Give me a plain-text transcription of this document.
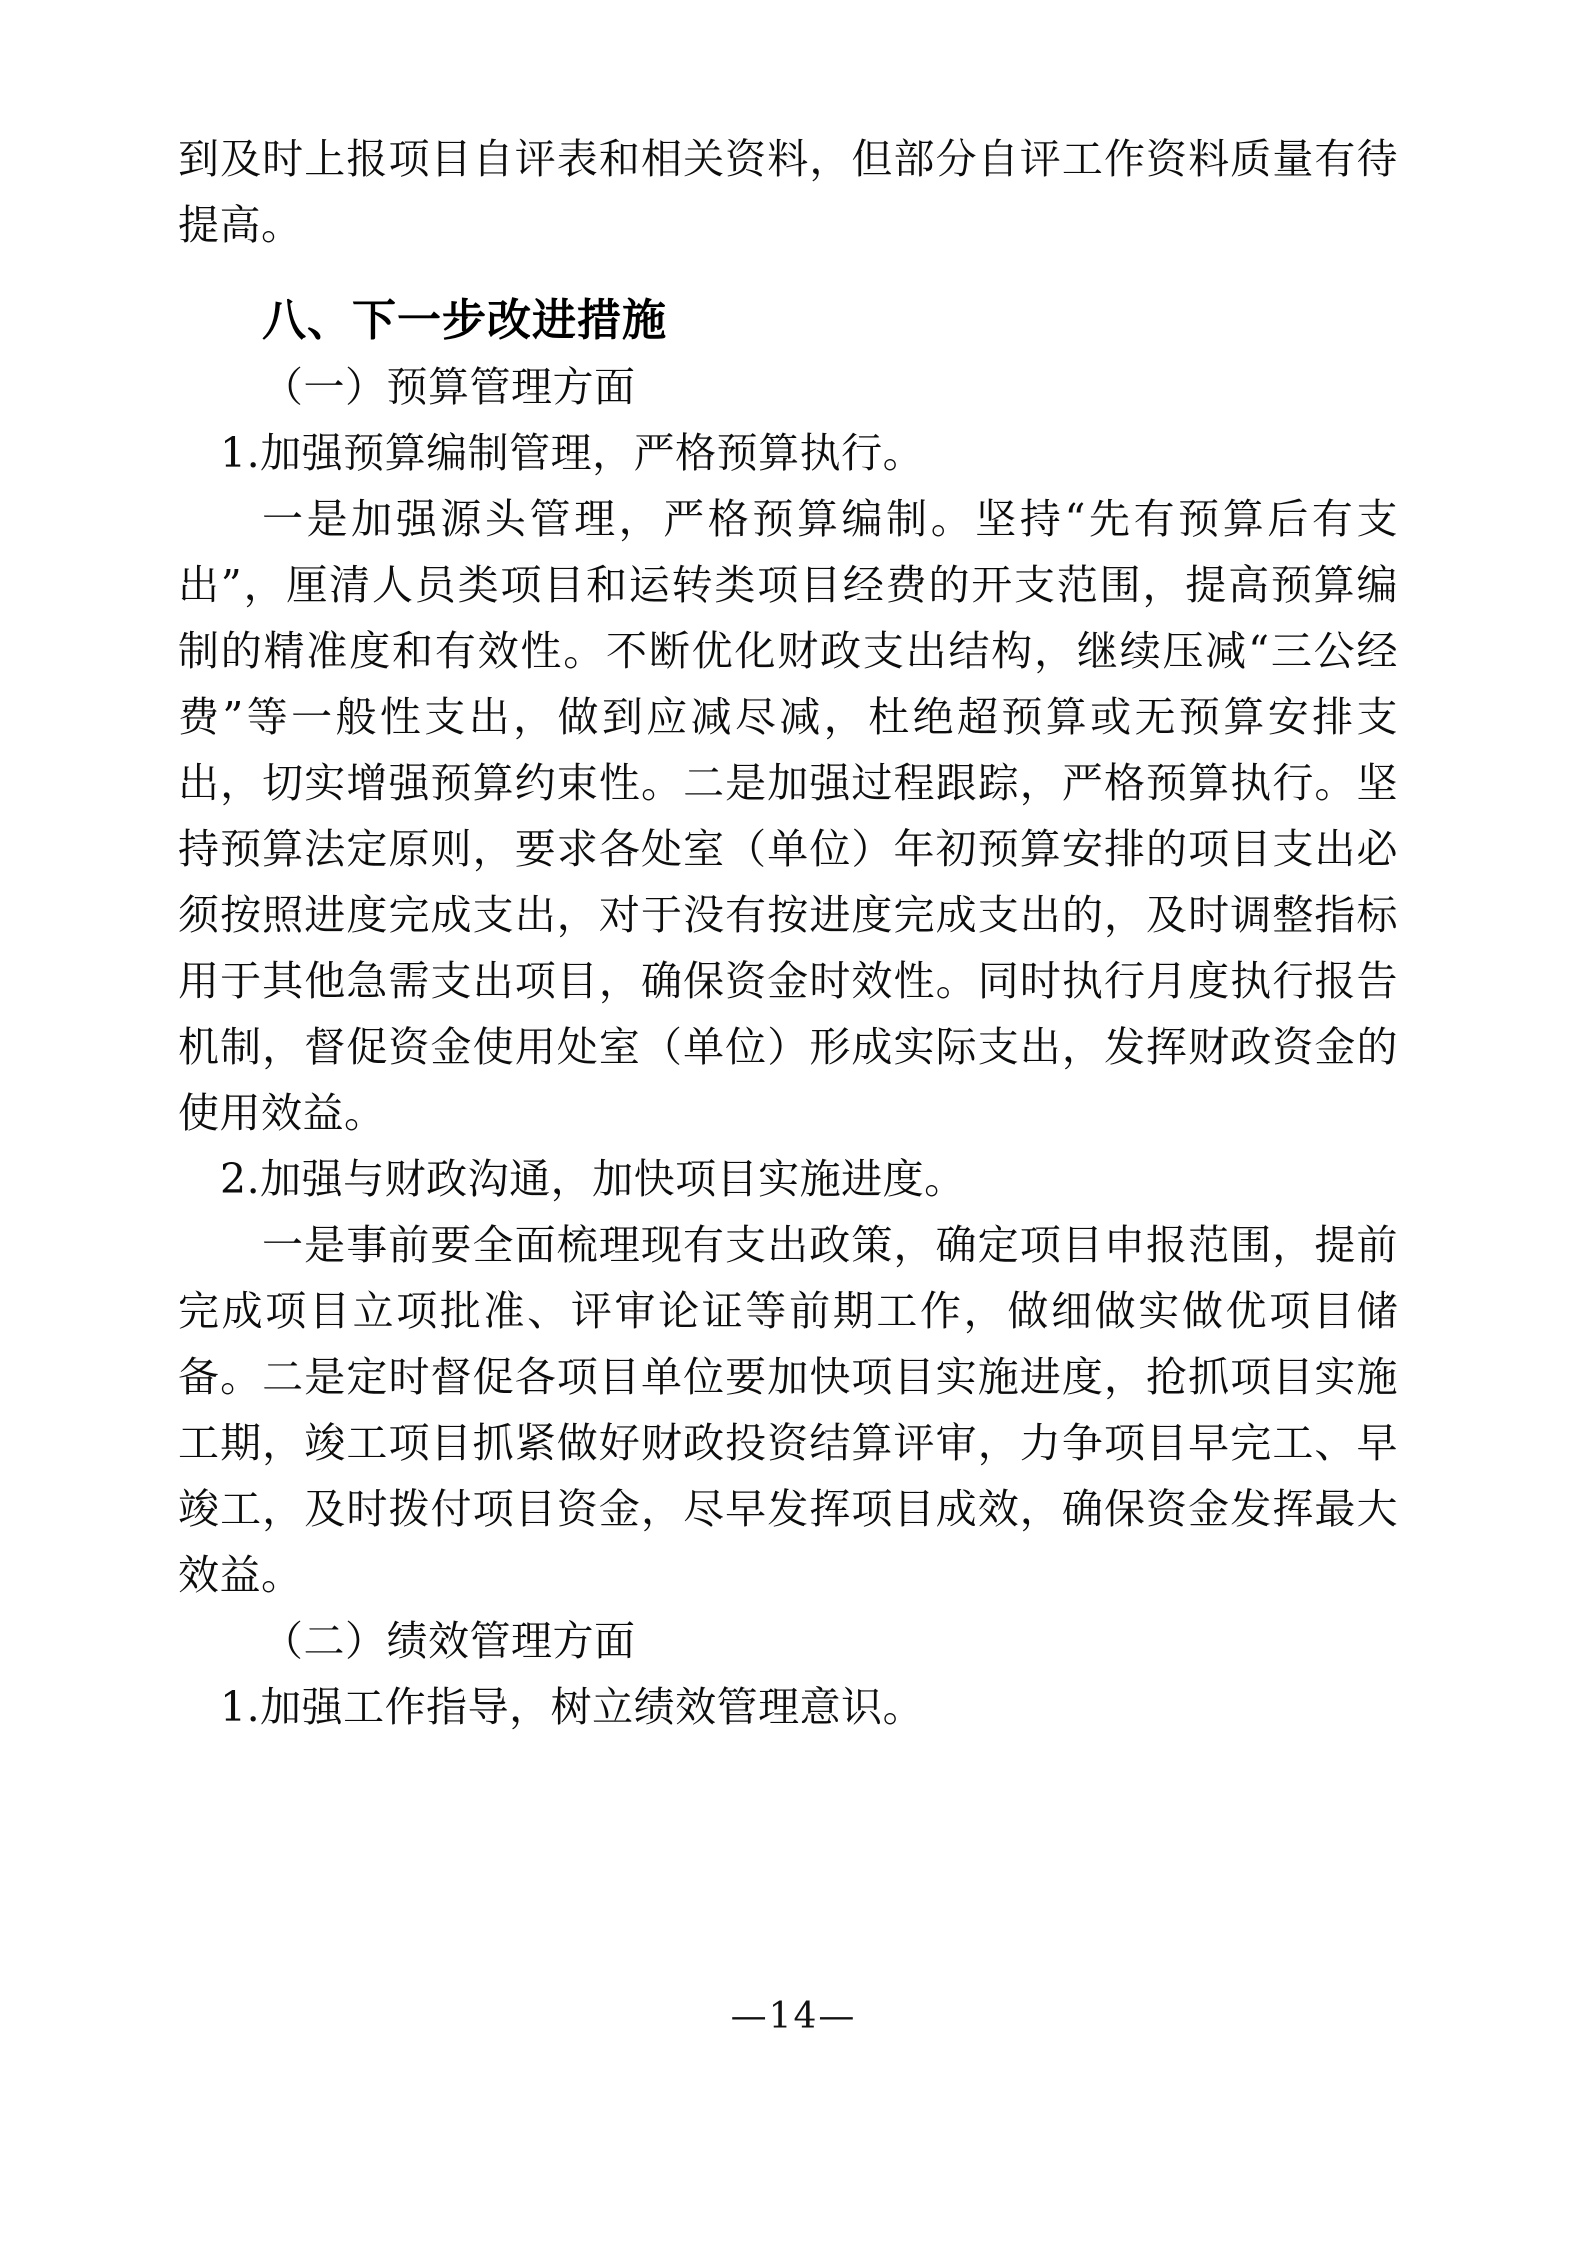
到及时上报项目自评表和相关资料，但部分自评工作资料质量有待提高。

八、下一步改进措施

（一）预算管理方面

1.加强预算编制管理，严格预算执行。

一是加强源头管理，严格预算编制。坚持“先有预算后有支出”，厘清人员类项目和运转类项目经费的开支范围，提高预算编制的精准度和有效性。不断优化财政支出结构，继续压减“三公经费”等一般性支出，做到应减尽减，杜绝超预算或无预算安排支出，切实增强预算约束性。二是加强过程跟踪，严格预算执行。坚持预算法定原则，要求各处室（单位）年初预算安排的项目支出必须按照进度完成支出，对于没有按进度完成支出的，及时调整指标用于其他急需支出项目，确保资金时效性。同时执行月度执行报告机制，督促资金使用处室（单位）形成实际支出，发挥财政资金的使用效益。

2.加强与财政沟通，加快项目实施进度。

一是事前要全面梳理现有支出政策，确定项目申报范围，提前完成项目立项批准、评审论证等前期工作，做细做实做优项目储备。二是定时督促各项目单位要加快项目实施进度，抢抓项目实施工期，竣工项目抓紧做好财政投资结算评审，力争项目早完工、早竣工，及时拨付项目资金，尽早发挥项目成效，确保资金发挥最大效益。

（二）绩效管理方面

1.加强工作指导，树立绩效管理意识。

—14—
